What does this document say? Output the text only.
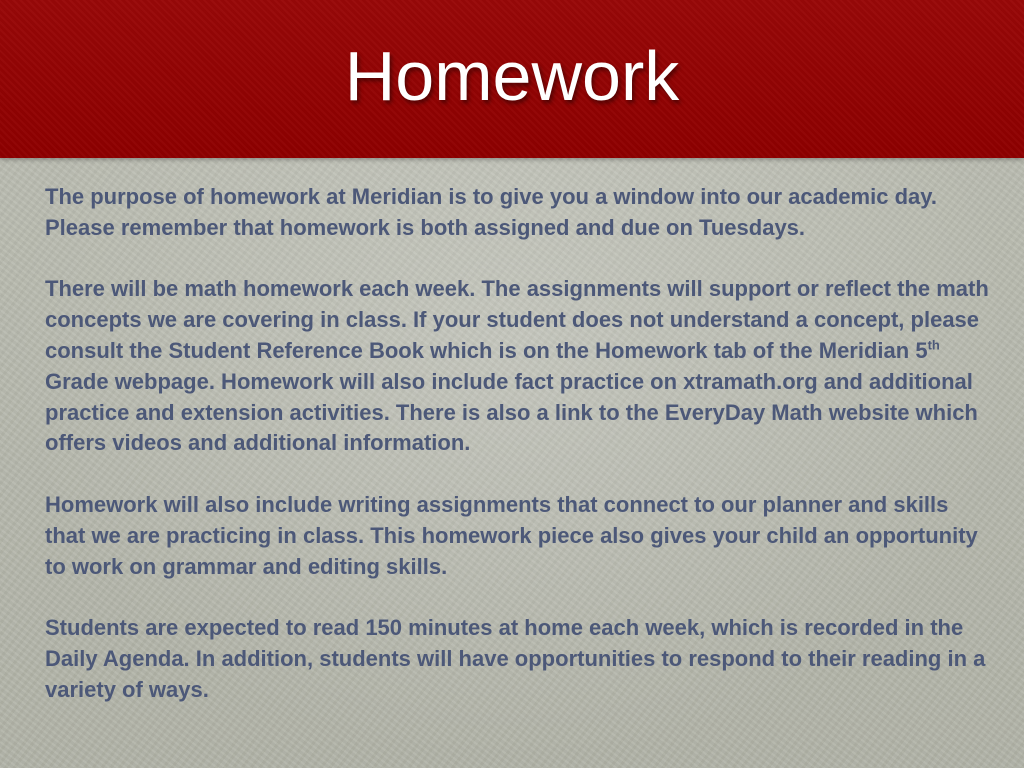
Homework

The purpose of homework at Meridian is to give you a window into our academic day. Please remember that homework is both assigned and due on Tuesdays.

There will be math homework each week. The assignments will support or reflect the math concepts we are covering in class. If your student does not understand a concept, please consult the Student Reference Book which is on the Homework tab of the Meridian 5th Grade webpage. Homework will also include fact practice on xtramath.org and additional practice and extension activities. There is also a link to the EveryDay Math website which offers videos and additional information.

Homework will also include writing assignments that connect to our planner and skills that we are practicing in class. This homework piece also gives your child an opportunity to work on grammar and editing skills.

Students are expected to read 150 minutes at home each week, which is recorded in the Daily Agenda. In addition, students will have opportunities to respond to their reading in a variety of ways.
